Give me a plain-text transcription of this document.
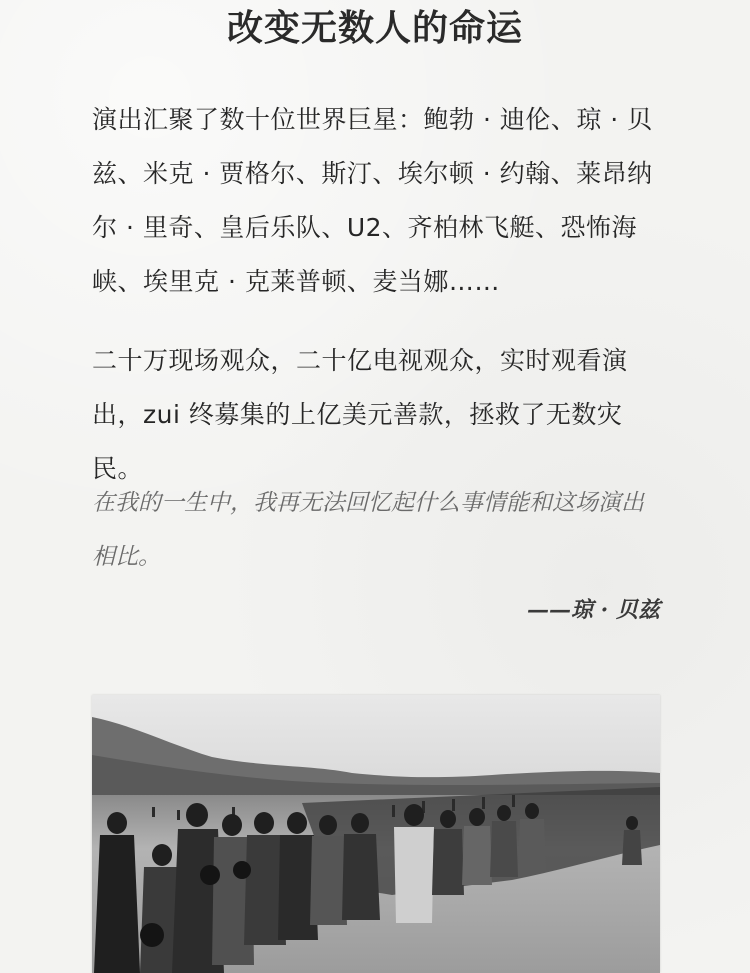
改变无数人的命运

演出汇聚了数十位世界巨星：鲍勃 · 迪伦、琼 · 贝兹、米克 · 贾格尔、斯汀、埃尔顿 · 约翰、莱昂纳尔 · 里奇、皇后乐队、U2、齐柏林飞艇、恐怖海峡、埃里克 · 克莱普顿、麦当娜……

二十万现场观众，二十亿电视观众，实时观看演出，zui 终募集的上亿美元善款，拯救了无数灾民。

在我的一生中，我再无法回忆起什么事情能和这场演出相比。

——琼 · 贝兹
